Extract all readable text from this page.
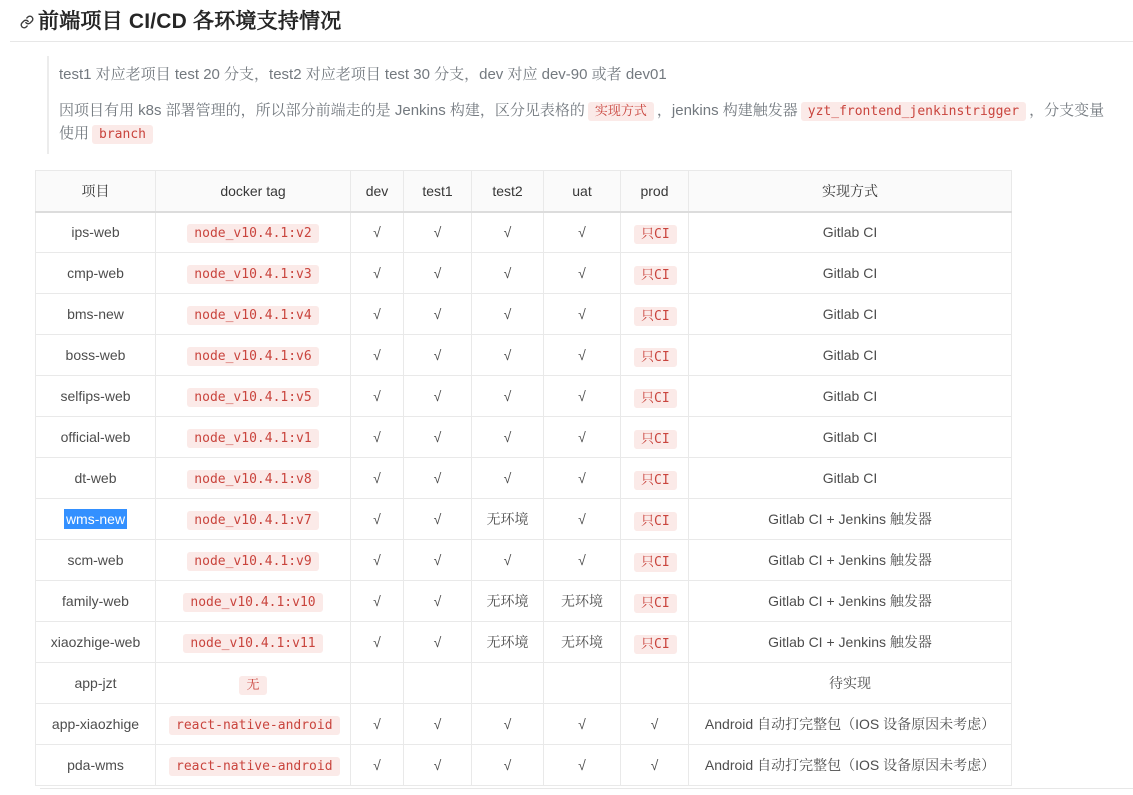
前端项目 CI/CD 各环境支持情况

test1 对应老项目 test 20 分支，test2 对应老项目 test 30 分支，dev 对应 dev-90 或者 dev01

因项目有用 k8s 部署管理的，所以部分前端走的是 Jenkins 构建，区分见表格的 实现方式 ，jenkins 构建触发器 yzt_frontend_jenkinstrigger ，分支变量使用 branch

项目	docker tag	dev	test1	test2	uat	prod	实现方式
ips-web	node_v10.4.1:v2	√	√	√	√	只CI	Gitlab CI
cmp-web	node_v10.4.1:v3	√	√	√	√	只CI	Gitlab CI
bms-new	node_v10.4.1:v4	√	√	√	√	只CI	Gitlab CI
boss-web	node_v10.4.1:v6	√	√	√	√	只CI	Gitlab CI
selfips-web	node_v10.4.1:v5	√	√	√	√	只CI	Gitlab CI
official-web	node_v10.4.1:v1	√	√	√	√	只CI	Gitlab CI
dt-web	node_v10.4.1:v8	√	√	√	√	只CI	Gitlab CI
wms-new	node_v10.4.1:v7	√	√	无环境	√	只CI	Gitlab CI + Jenkins 触发器
scm-web	node_v10.4.1:v9	√	√	√	√	只CI	Gitlab CI + Jenkins 触发器
family-web	node_v10.4.1:v10	√	√	无环境	无环境	只CI	Gitlab CI + Jenkins 触发器
xiaozhige-web	node_v10.4.1:v11	√	√	无环境	无环境	只CI	Gitlab CI + Jenkins 触发器
app-jzt	无						待实现
app-xiaozhige	react-native-android	√	√	√	√	√	Android 自动打完整包（IOS 设备原因未考虑）
pda-wms	react-native-android	√	√	√	√	√	Android 自动打完整包（IOS 设备原因未考虑）
